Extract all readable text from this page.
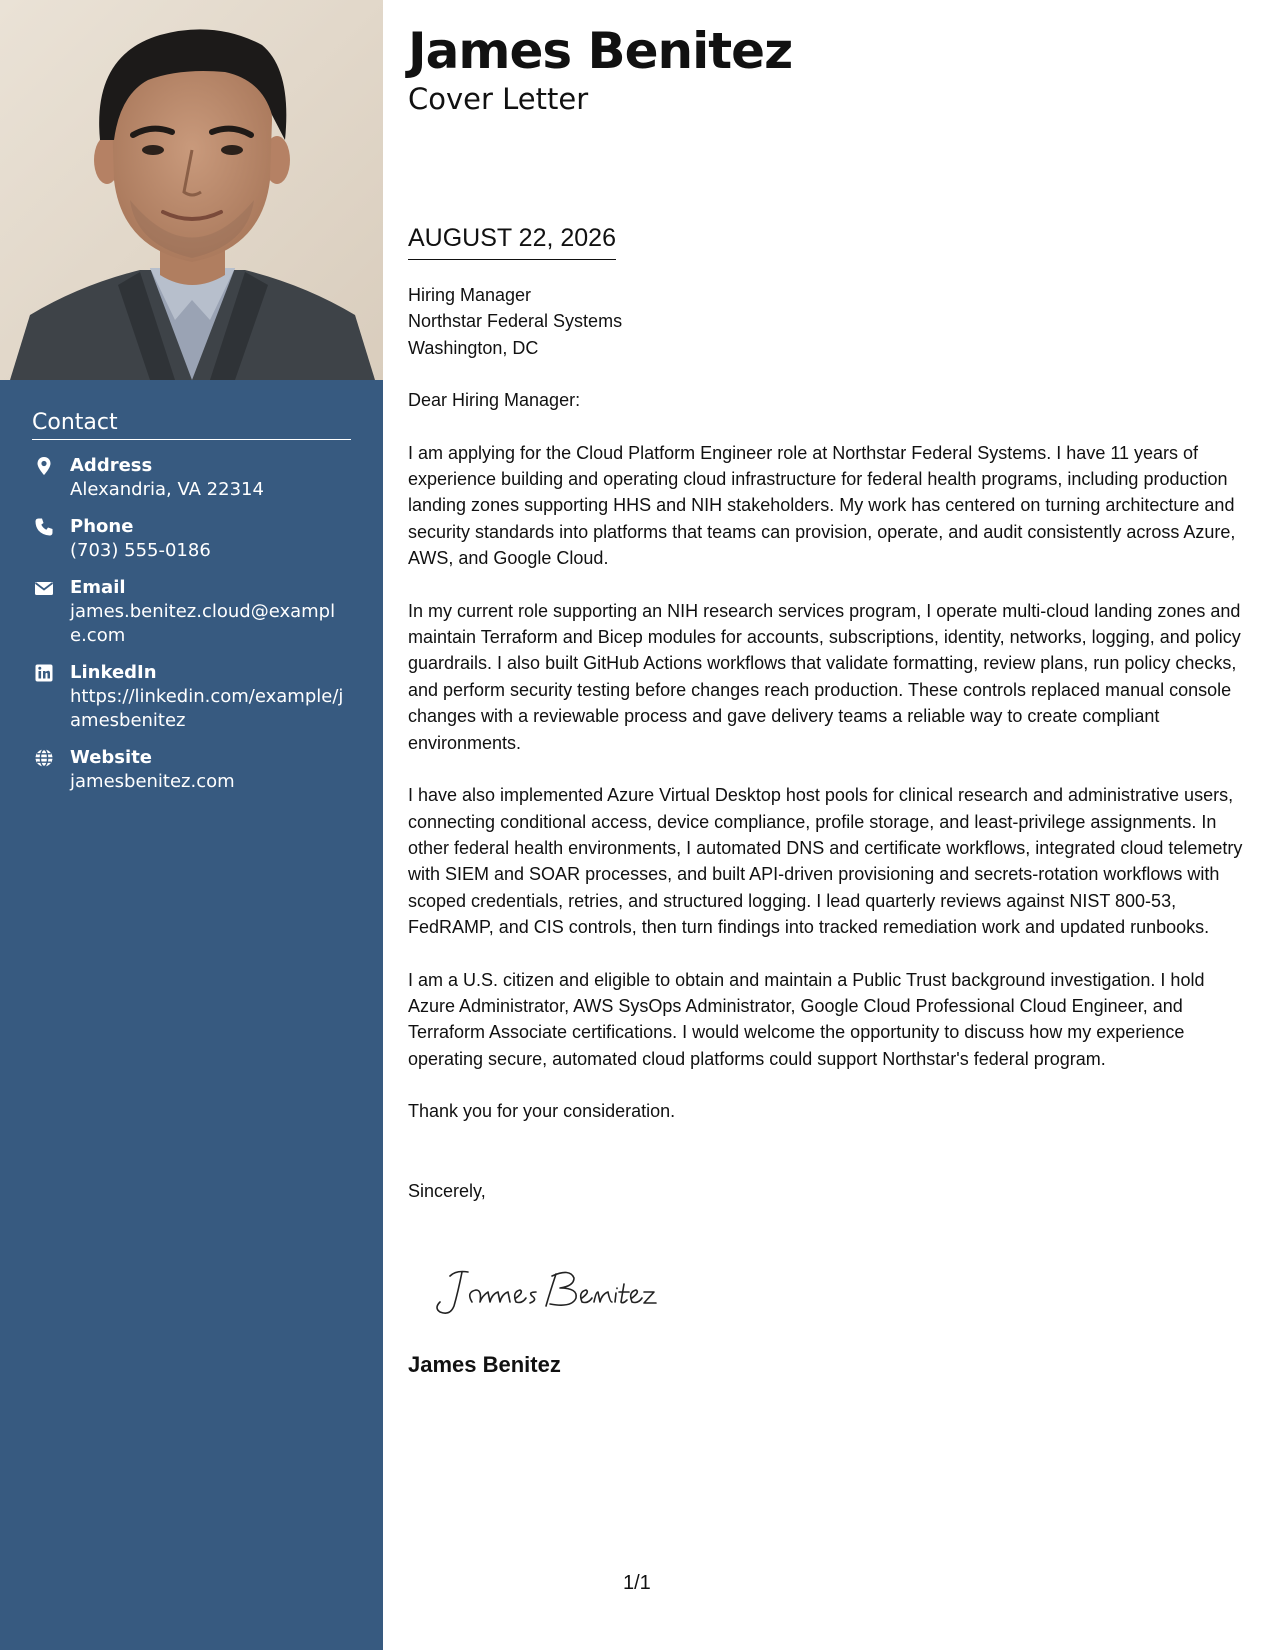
Contact
Address
Alexandria, VA 22314
Phone
(703) 555-0186
Email
james.benitez.cloud@example.com
LinkedIn
https://linkedin.com/example/jamesbenitez
Website
jamesbenitez.com
James Benitez
Cover Letter
AUGUST 22, 2026
Hiring Manager
Northstar Federal Systems
Washington, DC

Dear Hiring Manager:

I am applying for the Cloud Platform Engineer role at Northstar Federal Systems. I have 11 years of experience building and operating cloud infrastructure for federal health programs, including production landing zones supporting HHS and NIH stakeholders. My work has centered on turning architecture and security standards into platforms that teams can provision, operate, and audit consistently across Azure, AWS, and Google Cloud.

In my current role supporting an NIH research services program, I operate multi-cloud landing zones and maintain Terraform and Bicep modules for accounts, subscriptions, identity, networks, logging, and policy guardrails. I also built GitHub Actions workflows that validate formatting, review plans, run policy checks, and perform security testing before changes reach production. These controls replaced manual console changes with a reviewable process and gave delivery teams a reliable way to create compliant environments.

I have also implemented Azure Virtual Desktop host pools for clinical research and administrative users, connecting conditional access, device compliance, profile storage, and least-privilege assignments. In other federal health environments, I automated DNS and certificate workflows, integrated cloud telemetry with SIEM and SOAR processes, and built API-driven provisioning and secrets-rotation workflows with scoped credentials, retries, and structured logging. I lead quarterly reviews against NIST 800-53, FedRAMP, and CIS controls, then turn findings into tracked remediation work and updated runbooks.

I am a U.S. citizen and eligible to obtain and maintain a Public Trust background investigation. I hold Azure Administrator, AWS SysOps Administrator, Google Cloud Professional Cloud Engineer, and Terraform Associate certifications. I would welcome the opportunity to discuss how my experience operating secure, automated cloud platforms could support Northstar's federal program.

Thank you for your consideration.

Sincerely,

James Benitez
1/1
